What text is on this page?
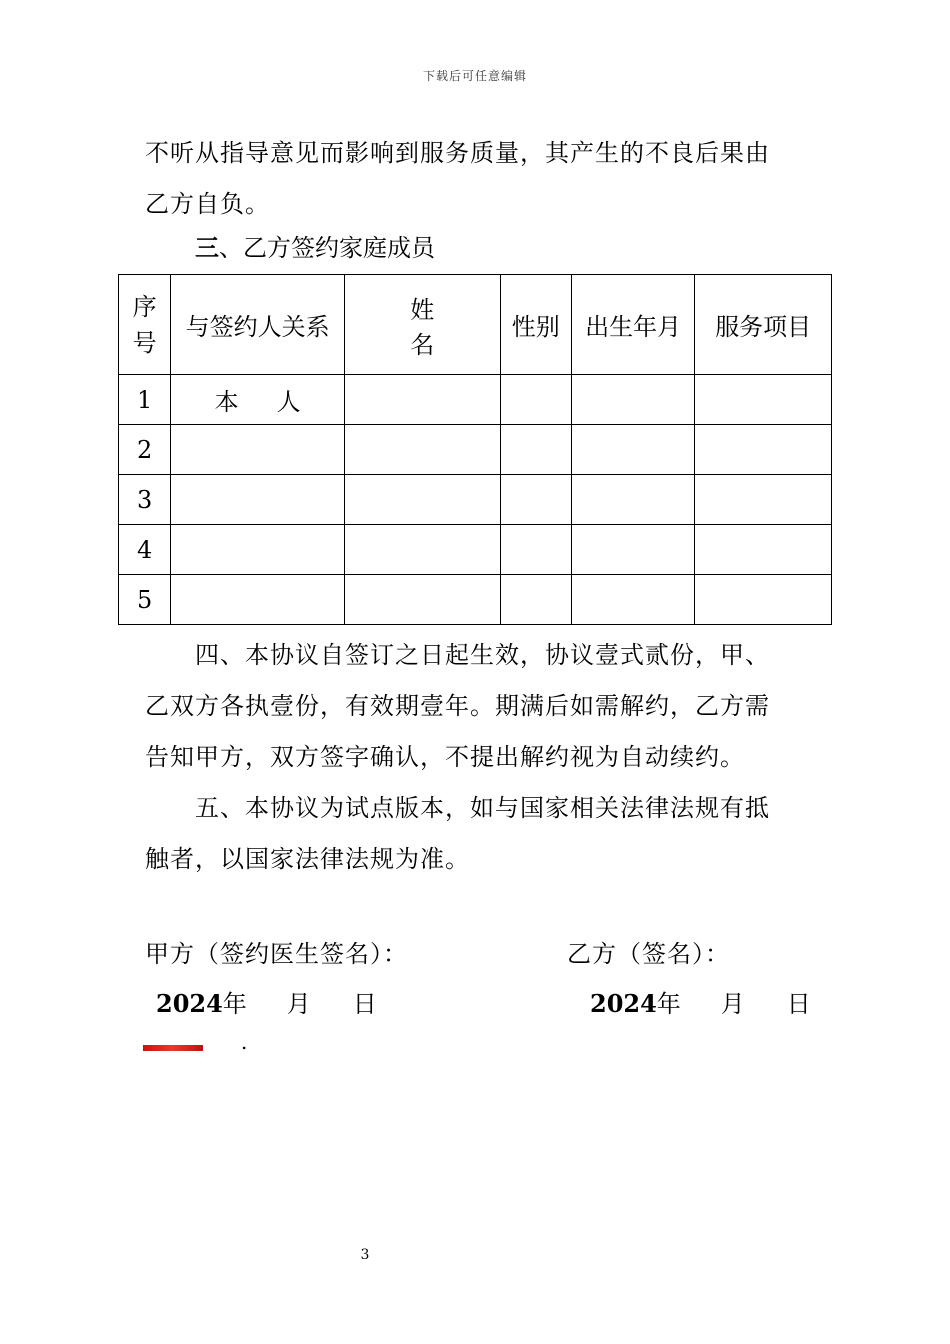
下载后可任意编辑

不听从指导意见而影响到服务质量，其产生的不良后果由
乙方自负。

三、乙方签约家庭成员
序
号	与签约人关系	姓名	性别	出生年月	服务项目
1	本人				
2					
3					
4					
5					

　　四、本协议自签订之日起生效，协议壹式贰份，甲、
乙双方各执壹份，有效期壹年。期满后如需解约，乙方需
告知甲方，双方签字确认，不提出解约视为自动续约。

　　五、本协议为试点版本，如与国家相关法律法规有抵
触者，以国家法律法规为准。

甲方（签约医生签名）：	乙方（签名）：
2024年 月 日	2024年 月 日
.
3
